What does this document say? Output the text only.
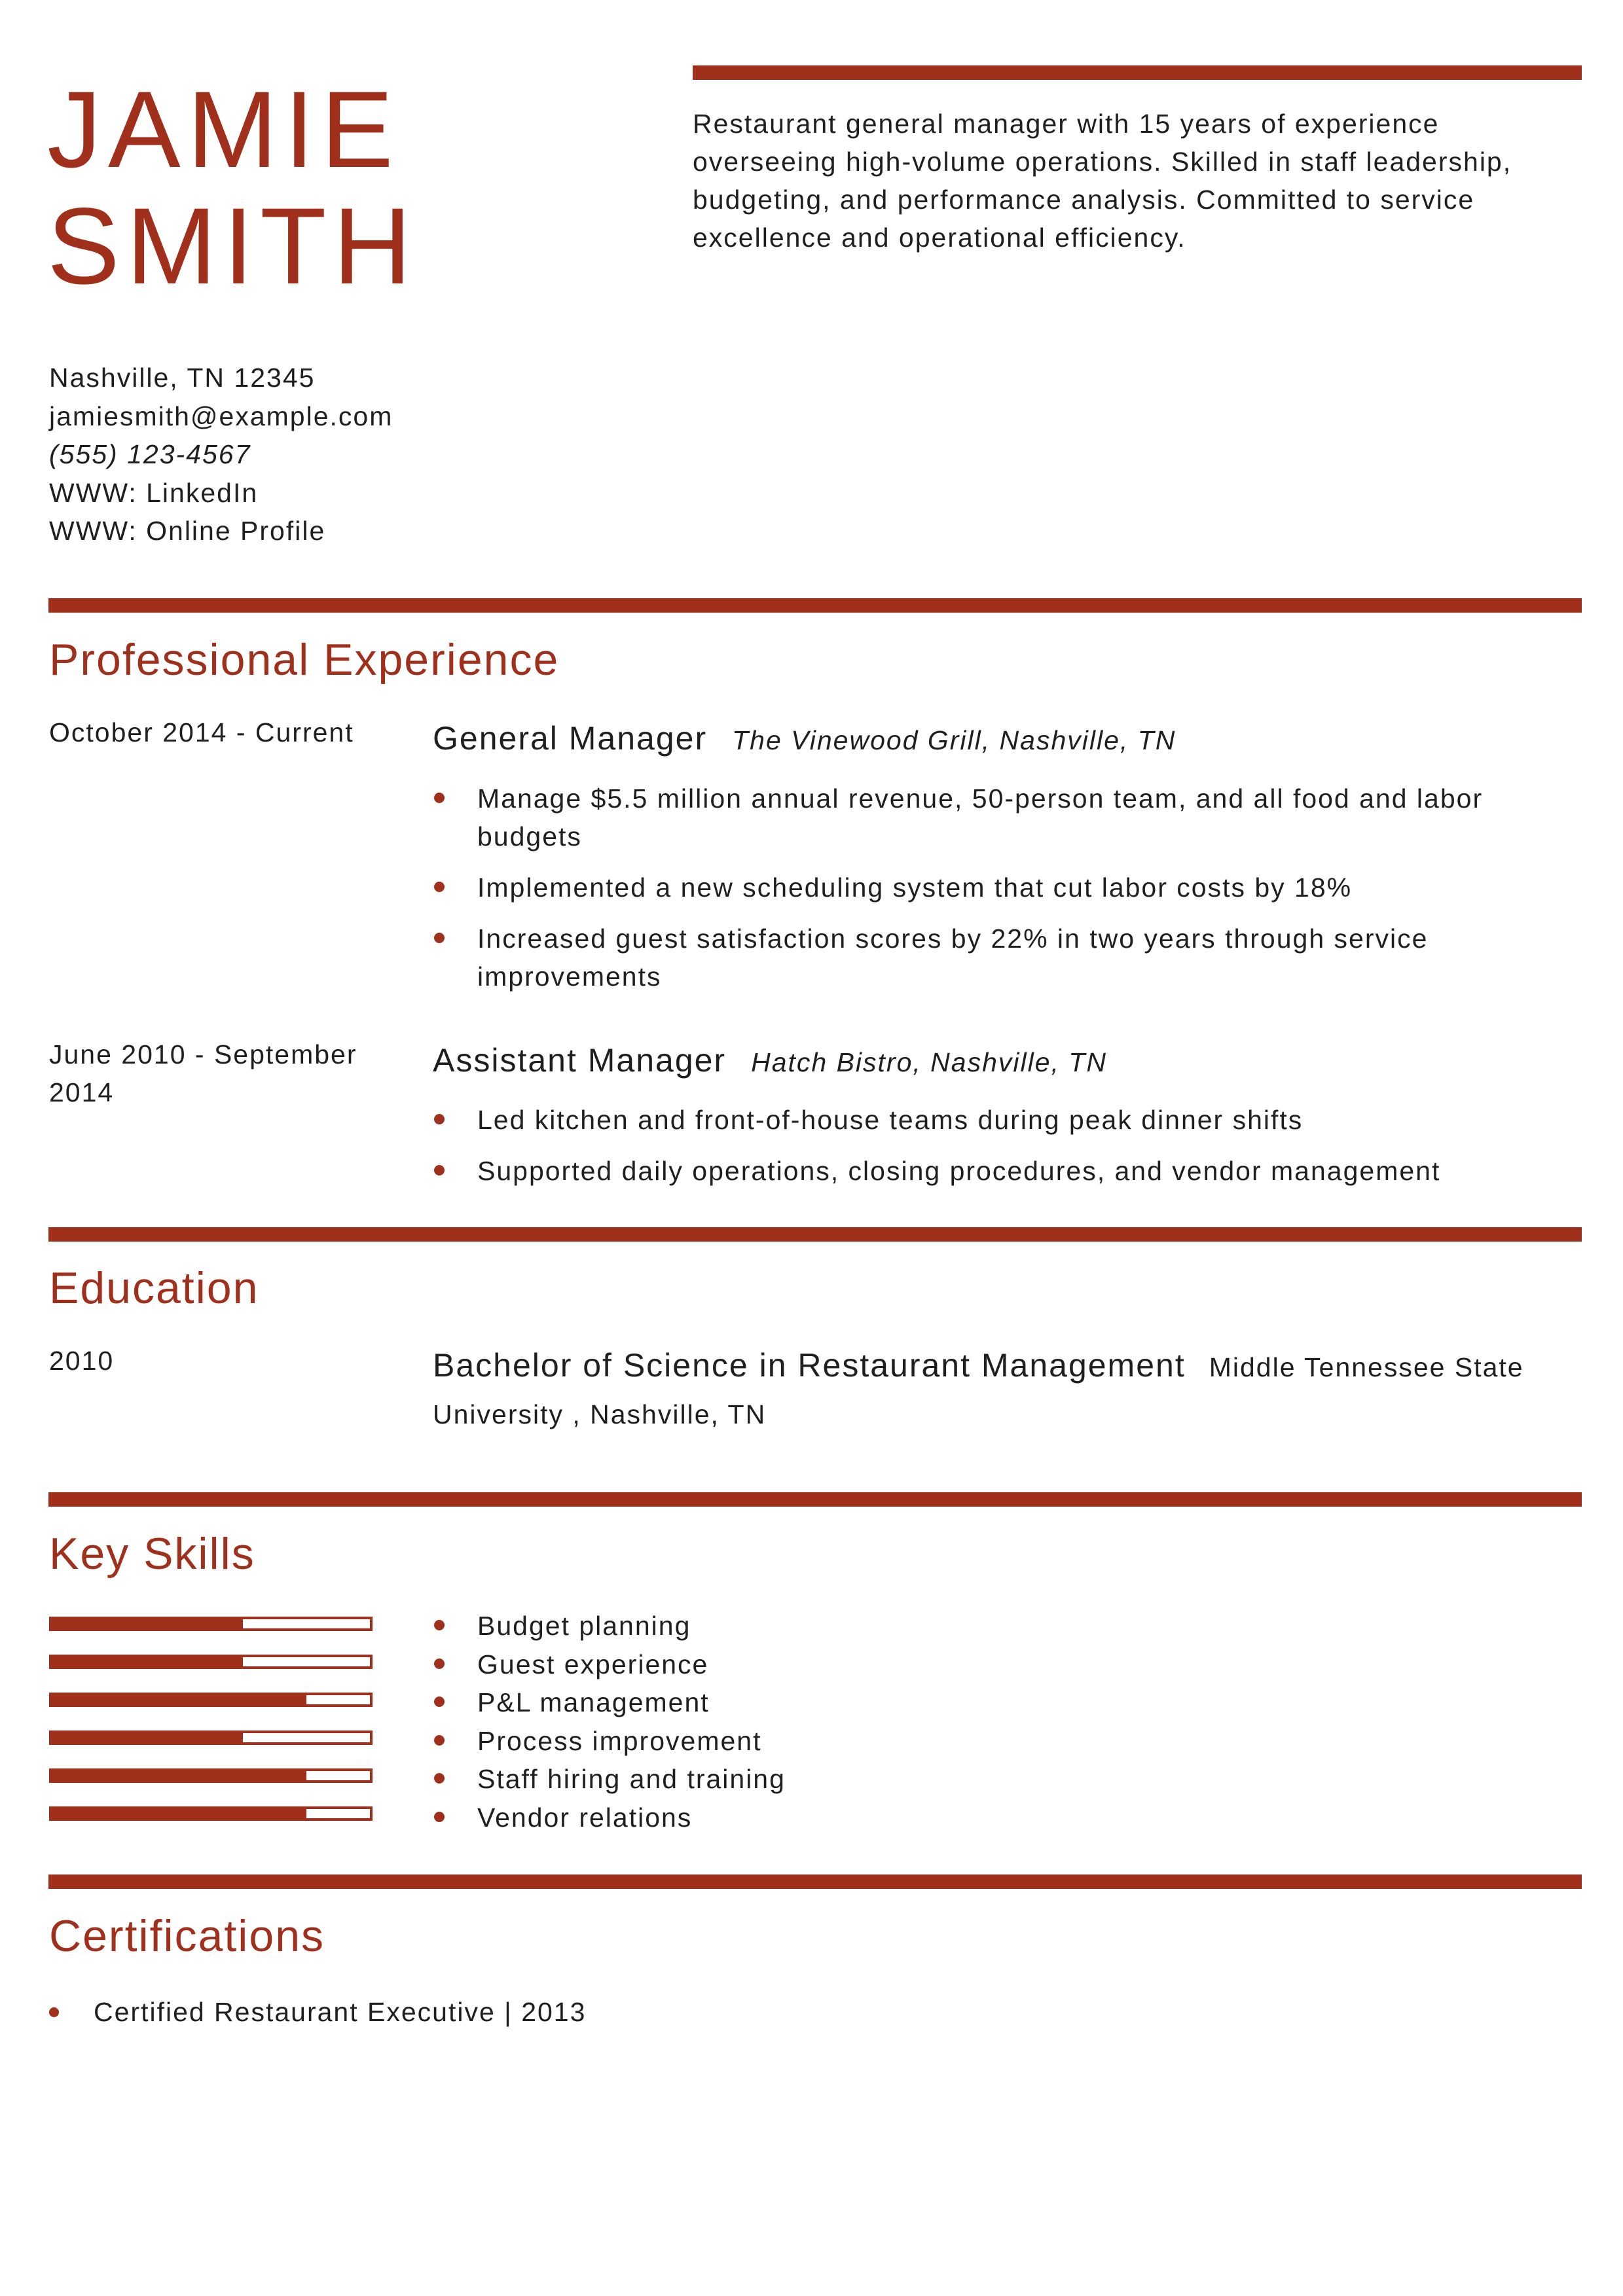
JAMIE
SMITH
Restaurant general manager with 15 years of experience overseeing high-volume operations. Skilled in staff leadership, budgeting, and performance analysis. Committed to service excellence and operational efficiency.
Nashville, TN 12345
jamiesmith@example.com
(555) 123-4567
WWW: LinkedIn
WWW: Online Profile
Professional Experience
October 2014 - Current	General Manager The Vinewood Grill, Nashville, TN
Manage $5.5 million annual revenue, 50-person team, and all food and labor budgets
Implemented a new scheduling system that cut labor costs by 18%
Increased guest satisfaction scores by 22% in two years through service improvements
June 2010 - September 2014
Assistant Manager Hatch Bistro, Nashville, TN
Led kitchen and front-of-house teams during peak dinner shifts
Supported daily operations, closing procedures, and vendor management
Education
2010	Bachelor of Science in Restaurant Management Middle Tennessee State University , Nashville, TN
Key Skills
Budget planning
Guest experience
P&L management
Process improvement
Staff hiring and training
Vendor relations
Certifications
Certified Restaurant Executive | 2013
